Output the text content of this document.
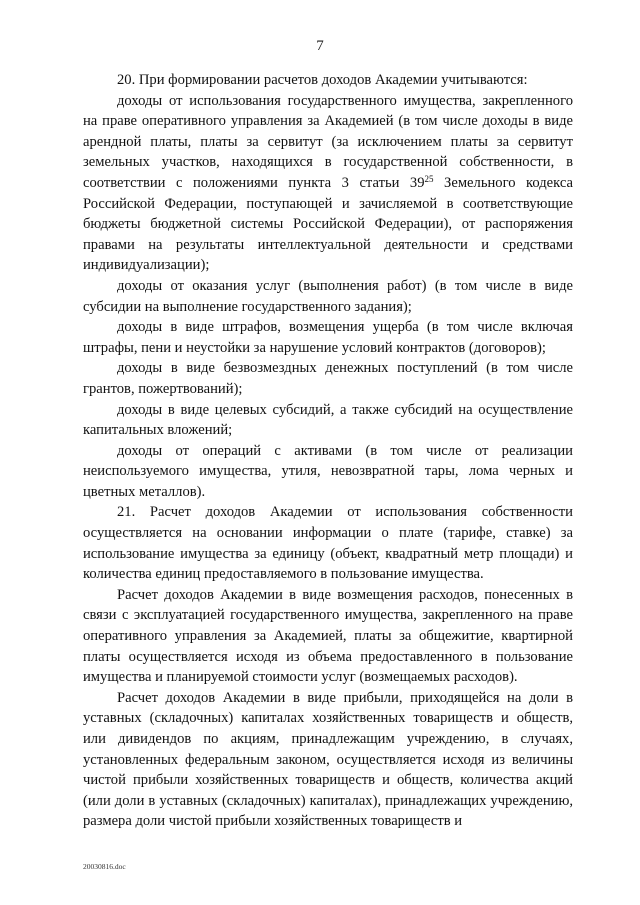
7

20. При формировании расчетов доходов Академии учитываются:

доходы от использования государственного имущества, закрепленного на праве оперативного управления за Академией (в том числе доходы в виде арендной платы, платы за сервитут (за исключением платы за сервитут земельных участков, находящихся в государственной собственности, в соответствии с положениями пункта 3 статьи $39^{25}$ Земельного кодекса Российской Федерации, поступающей и зачисляемой в соответствующие бюджеты бюджетной системы Российской Федерации), от распоряжения правами на результаты интеллектуальной деятельности и средствами индивидуализации);

доходы от оказания услуг (выполнения работ) (в том числе в виде субсидии на выполнение государственного задания);

доходы в виде штрафов, возмещения ущерба (в том числе включая штрафы, пени и неустойки за нарушение условий контрактов (договоров);

доходы в виде безвозмездных денежных поступлений (в том числе грантов, пожертвований);

доходы в виде целевых субсидий, а также субсидий на осуществление капитальных вложений;

доходы от операций с активами (в том числе от реализации неиспользуемого имущества, утиля, невозвратной тары, лома черных и цветных металлов).

21. Расчет доходов Академии от использования собственности осуществляется на основании информации о плате (тарифе, ставке) за использование имущества за единицу (объект, квадратный метр площади) и количества единиц предоставляемого в пользование имущества.

Расчет доходов Академии в виде возмещения расходов, понесенных в связи с эксплуатацией государственного имущества, закрепленного на праве оперативного управления за Академией, платы за общежитие, квартирной платы осуществляется исходя из объема предоставленного в пользование имущества и планируемой стоимости услуг (возмещаемых расходов).

Расчет доходов Академии в виде прибыли, приходящейся на доли в уставных (складочных) капиталах хозяйственных товариществ и обществ, или дивидендов по акциям, принадлежащим учреждению, в случаях, установленных федеральным законом, осуществляется исходя из величины чистой прибыли хозяйственных товариществ и обществ, количества акций (или доли в уставных (складочных) капиталах), принадлежащих учреждению, размера доли чистой прибыли хозяйственных товариществ и

20030816.doc
